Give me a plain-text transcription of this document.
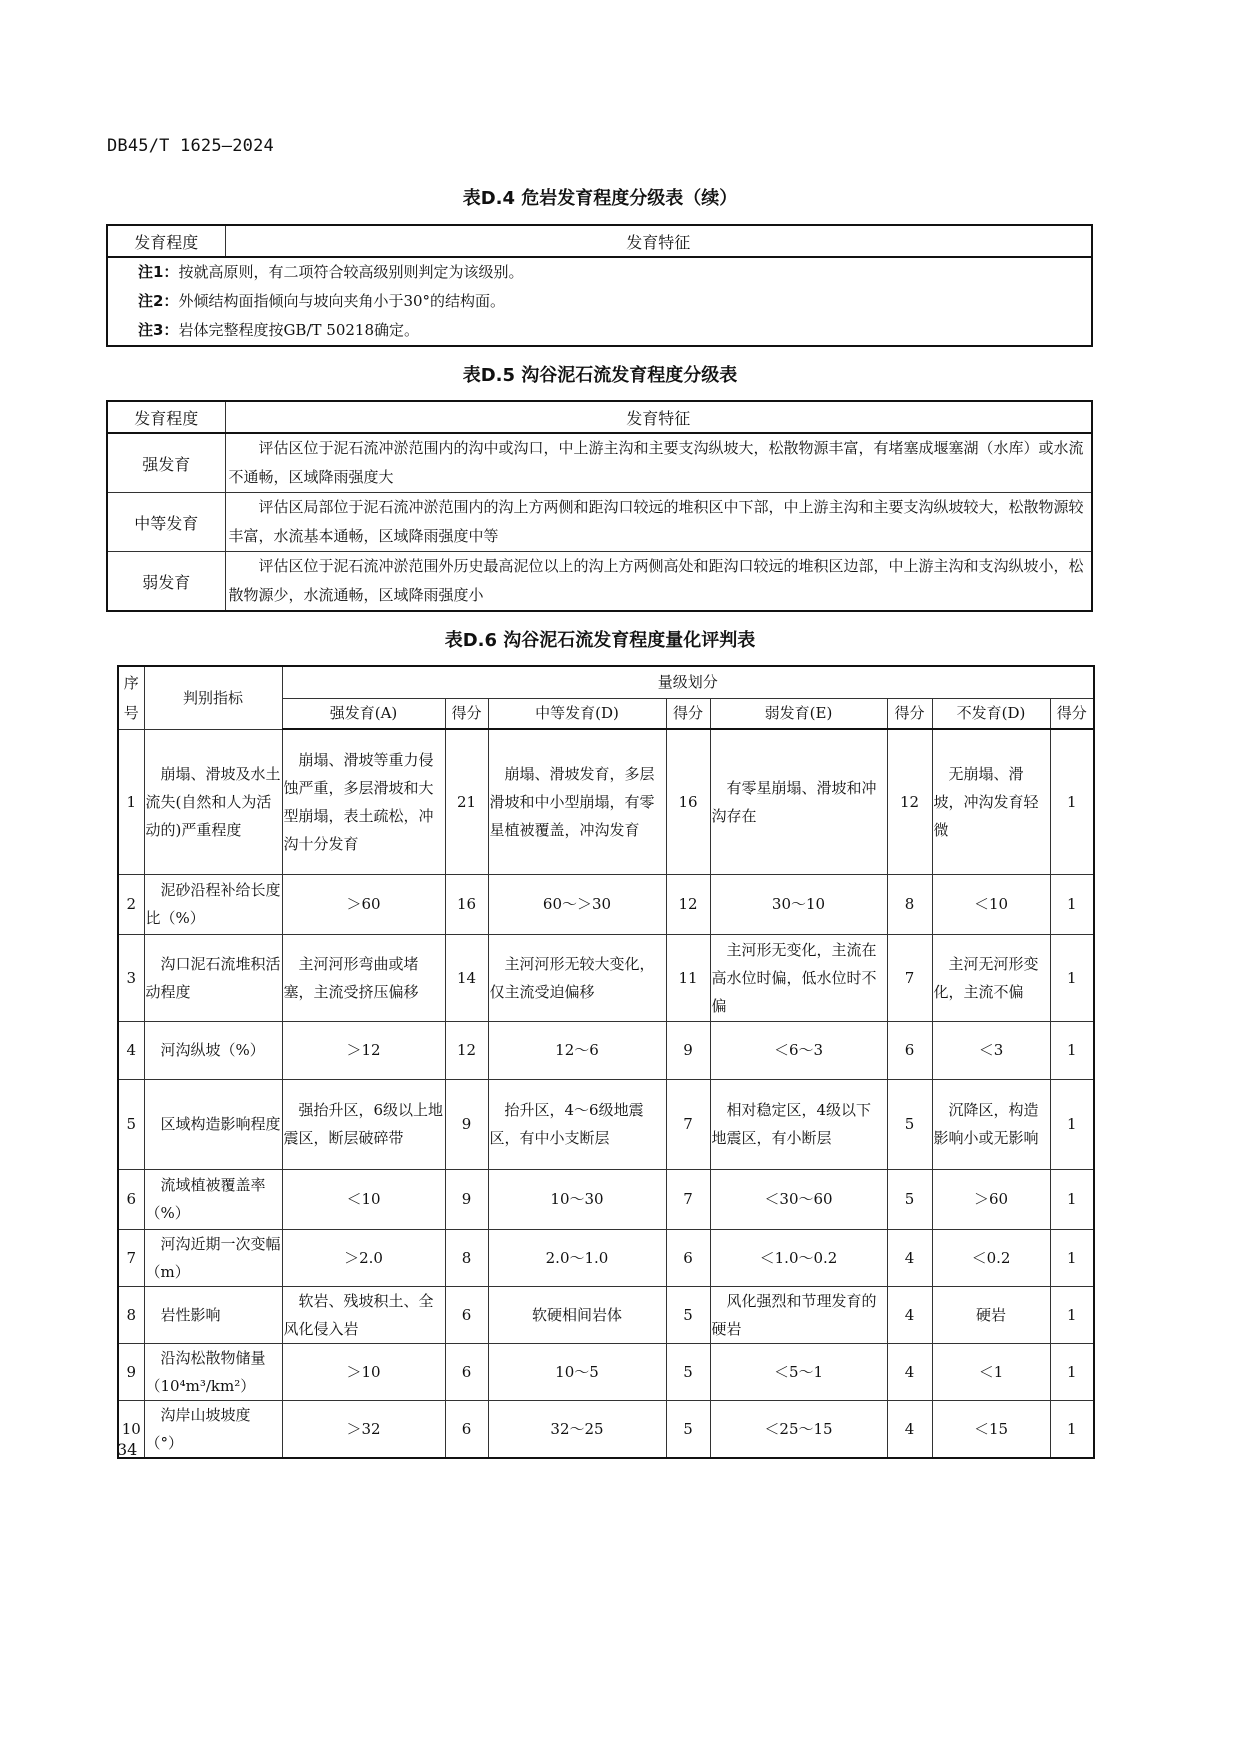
DB45/T 1625—2024
表D.4 危岩发育程度分级表（续）
发育程度	发育特征

注1：按就高原则，有二项符合较高级别则判定为该级别。
注2：外倾结构面指倾向与坡向夹角小于30°的结构面。
注3：岩体完整程度按GB/T 50218确定。
表D.5 沟谷泥石流发育程度分级表
发育程度	发育特征
强发育	评估区位于泥石流冲淤范围内的沟中或沟口，中上游主沟和主要支沟纵坡大，松散物源丰富，有堵塞成堰塞湖（水库）或水流不通畅，区域降雨强度大
中等发育	评估区局部位于泥石流冲淤范围内的沟上方两侧和距沟口较远的堆积区中下部，中上游主沟和主要支沟纵坡较大，松散物源较丰富，水流基本通畅，区域降雨强度中等
弱发育	评估区位于泥石流冲淤范围外历史最高泥位以上的沟上方两侧高处和距沟口较远的堆积区边部，中上游主沟和支沟纵坡小，松散物源少，水流通畅，区域降雨强度小
表D.6 沟谷泥石流发育程度量化评判表
序号	判别指标	量级划分							
		强发育(A)	得分	中等发育(D)	得分	弱发育(E)	得分	不发育(D)	得分
1	崩塌、滑坡及水土流失(自然和人为活动的)严重程度	崩塌、滑坡等重力侵蚀严重，多层滑坡和大型崩塌，表土疏松，冲沟十分发育	21	崩塌、滑坡发育，多层滑坡和中小型崩塌，有零星植被覆盖，冲沟发育	16	有零星崩塌、滑坡和冲沟存在	12	无崩塌、滑坡，冲沟发育轻微	1
2	泥砂沿程补给长度比（%）	＞60	16	60～＞30	12	30～10	8	＜10	1
3	沟口泥石流堆积活动程度	主河河形弯曲或堵塞，主流受挤压偏移	14	主河河形无较大变化，仅主流受迫偏移	11	主河形无变化，主流在高水位时偏，低水位时不偏	7	主河无河形变化，主流不偏	1
4	河沟纵坡（%）	＞12	12	12～6	9	＜6～3	6	＜3	1
5	区域构造影响程度	强抬升区，6级以上地震区，断层破碎带	9	抬升区，4～6级地震区，有中小支断层	7	相对稳定区，4级以下地震区，有小断层	5	沉降区，构造影响小或无影响	1
6	流域植被覆盖率（%）	＜10	9	10～30	7	＜30～60	5	＞60	1
7	河沟近期一次变幅（m）	＞2.0	8	2.0～1.0	6	＜1.0～0.2	4	＜0.2	1
8	岩性影响	软岩、残坡积土、全风化侵入岩	6	软硬相间岩体	5	风化强烈和节理发育的硬岩	4	硬岩	1
9	沿沟松散物储量（10⁴m³/km²）	＞10	6	10～5	5	＜5～1	4	＜1	1
10	沟岸山坡坡度（°）	＞32	6	32～25	5	＜25～15	4	＜15	1
34
